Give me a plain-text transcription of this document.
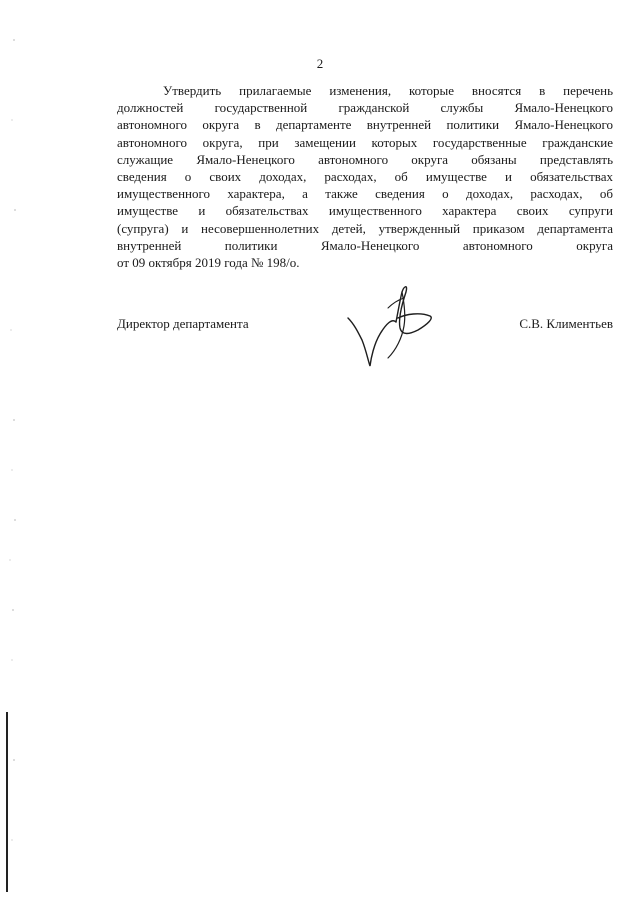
2
Утвердить прилагаемые изменения, которые вносятся в перечень
должностей государственной гражданской службы Ямало-Ненецкого
автономного округа в департаменте внутренней политики Ямало-Ненецкого
автономного округа, при замещении которых государственные гражданские
служащие Ямало-Ненецкого автономного округа обязаны представлять
сведения о своих доходах, расходах, об имуществе и обязательствах
имущественного характера, а также сведения о доходах, расходах, об
имуществе и обязательствах имущественного характера своих супруги
(супруга) и несовершеннолетних детей, утвержденный приказом департамента
внутренней политики Ямало-Ненецкого автономного округа
от 09 октября 2019 года № 198/о.
Директор департамента	С.В. Климентьев
